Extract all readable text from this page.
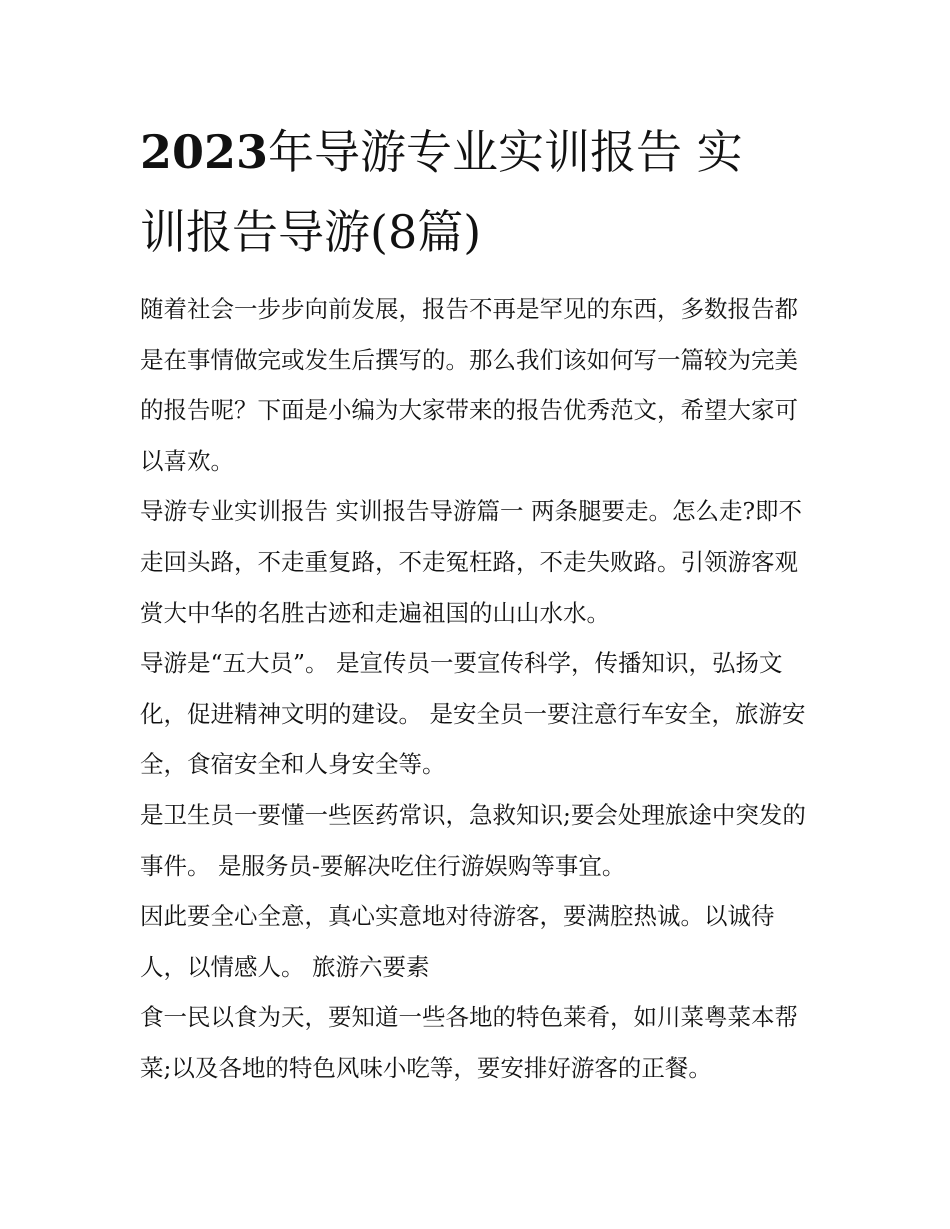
2023年导游专业实训报告 实
训报告导游(8篇)

随着社会一步步向前发展，报告不再是罕见的东西，多数报告都是在事情做完或发生后撰写的。那么我们该如何写一篇较为完美的报告呢？下面是小编为大家带来的报告优秀范文，希望大家可以喜欢。

导游专业实训报告 实训报告导游篇一 两条腿要走。怎么走?即不走回头路，不走重复路，不走冤枉路，不走失败路。引领游客观赏大中华的名胜古迹和走遍祖国的山山水水。

导游是“五大员”。 是宣传员一要宣传科学，传播知识，弘扬文化，促进精神文明的建设。 是安全员一要注意行车安全，旅游安全，食宿安全和人身安全等。

是卫生员一要懂一些医药常识，急救知识;要会处理旅途中突发的事件。 是服务员-要解决吃住行游娱购等事宜。

因此要全心全意，真心实意地对待游客，要满腔热诚。以诚待人，以情感人。 旅游六要素

食一民以食为天，要知道一些各地的特色莱肴，如川菜粤菜本帮菜;以及各地的特色风味小吃等，要安排好游客的正餐。
